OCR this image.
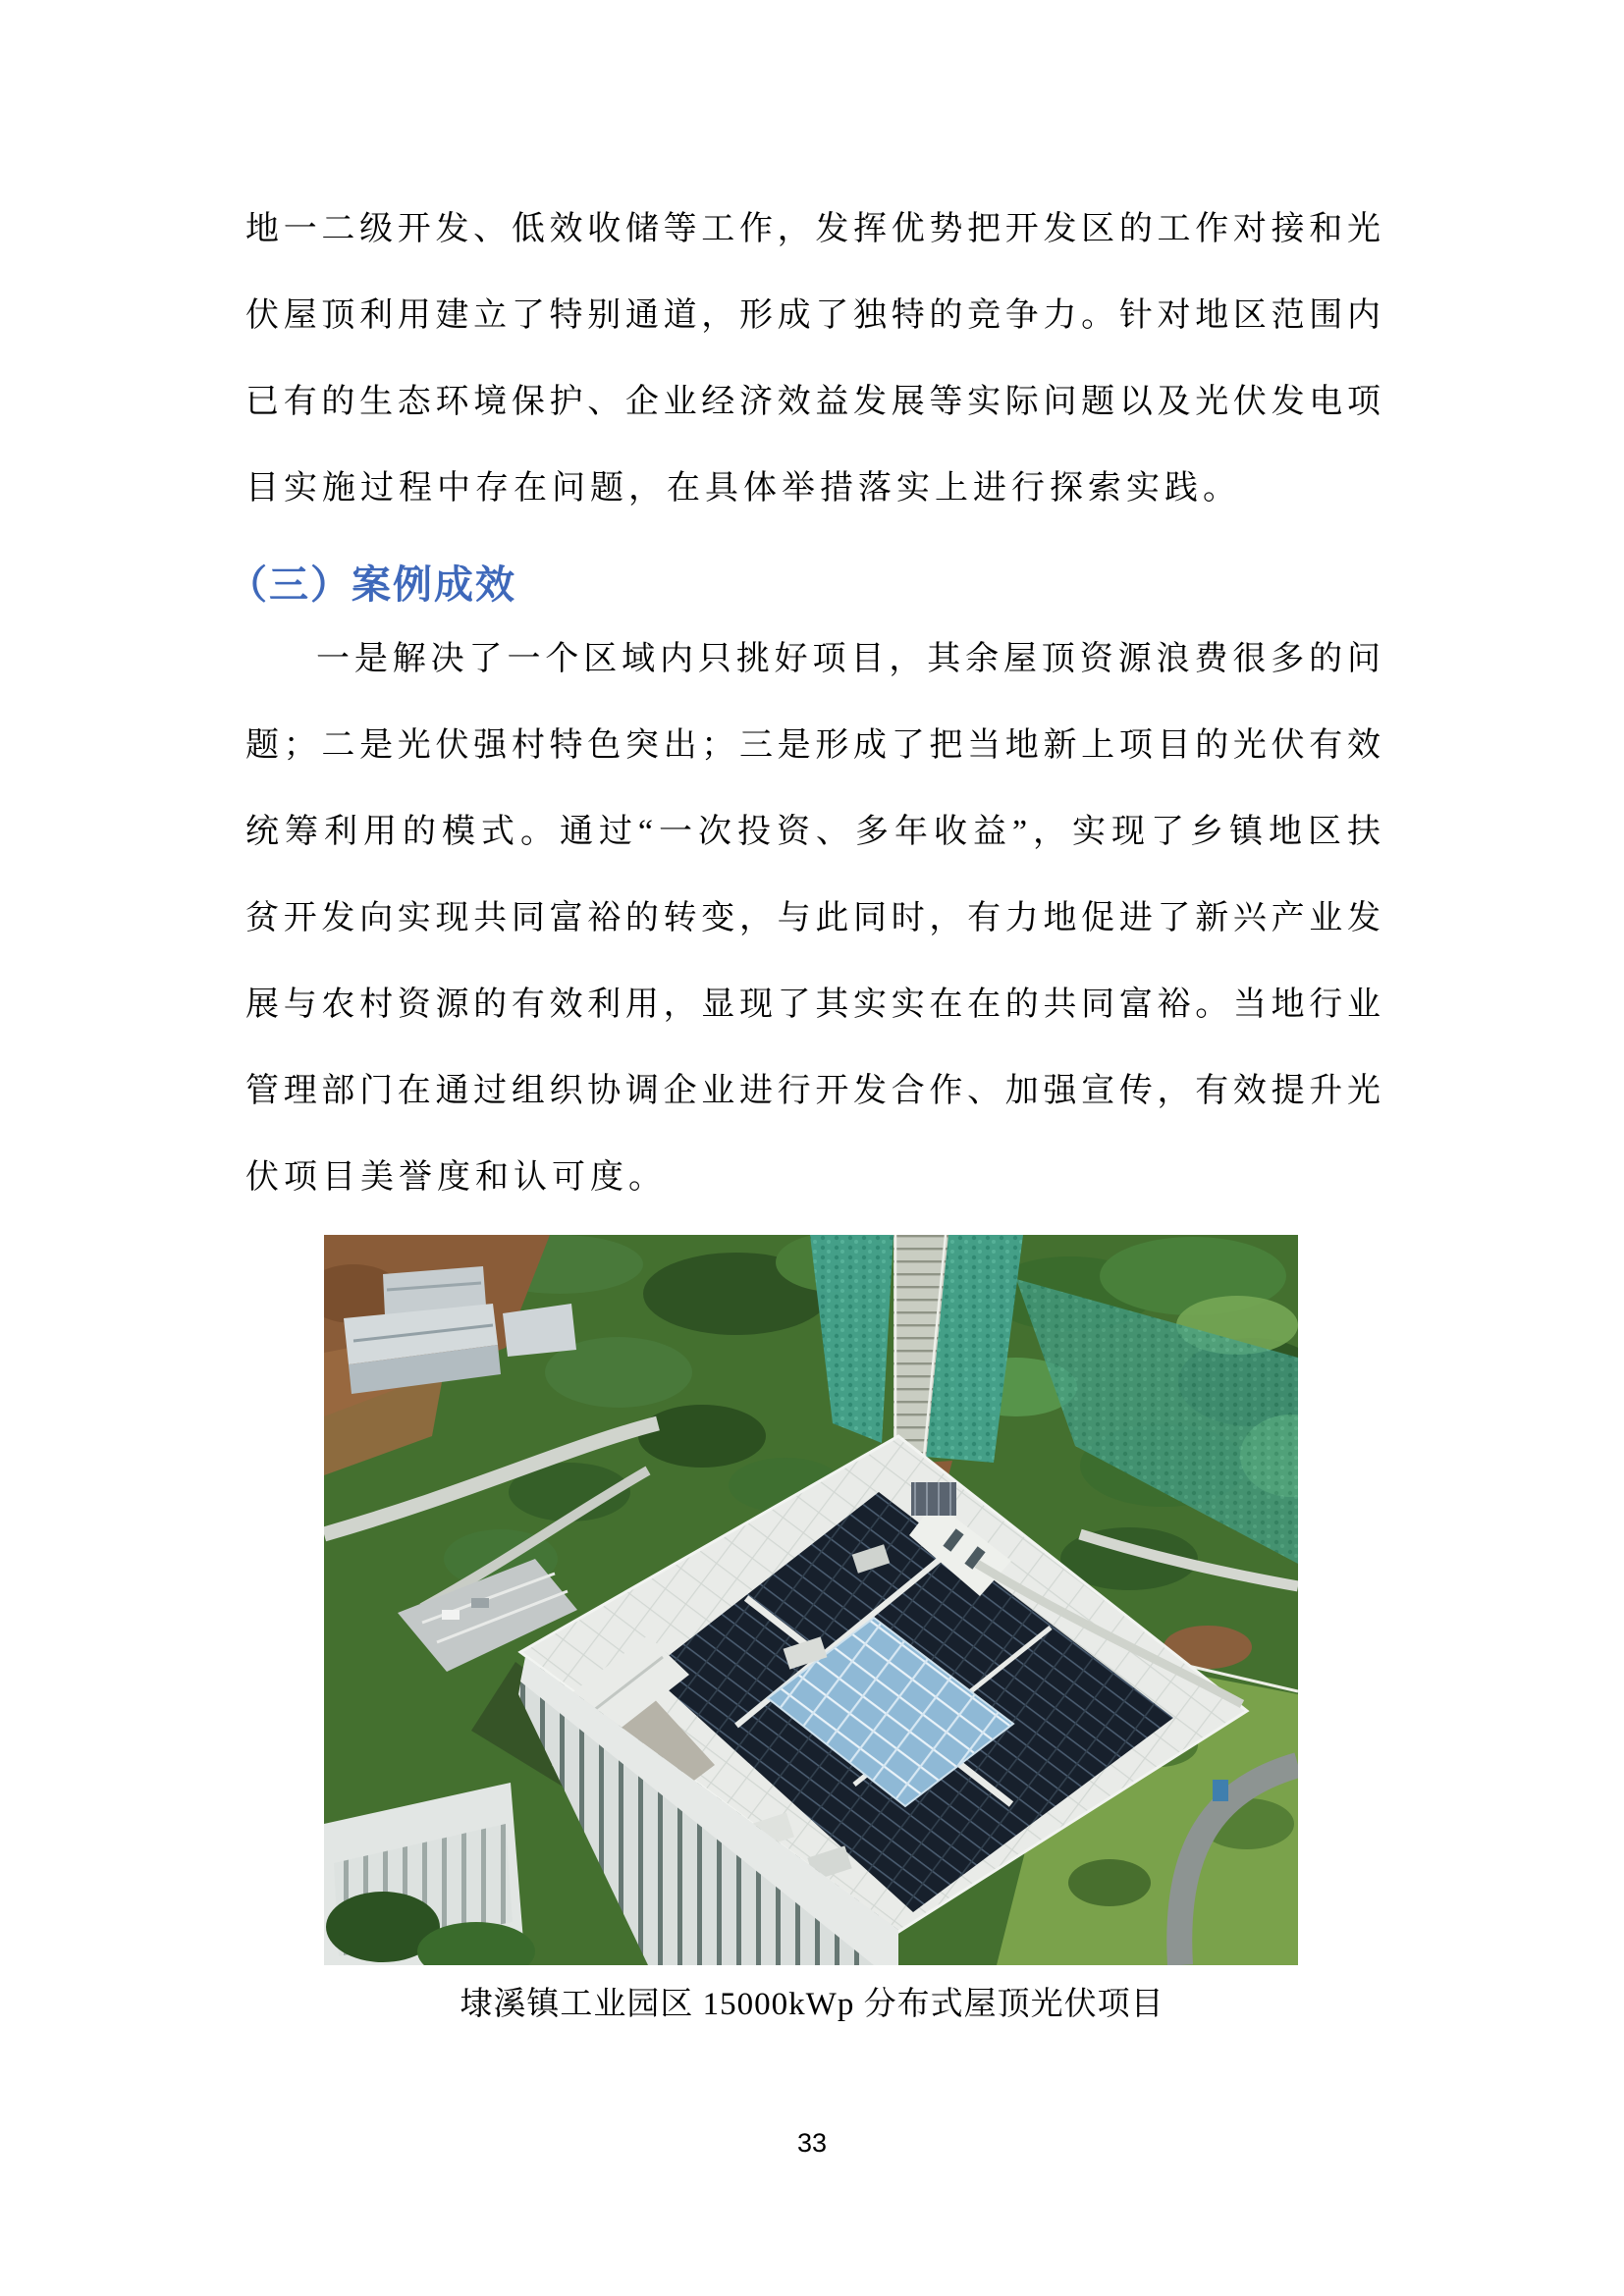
地一二级开发、低效收储等工作，发挥优势把开发区的工作对接和光
伏屋顶利用建立了特别通道，形成了独特的竞争力。针对地区范围内
已有的生态环境保护、企业经济效益发展等实际问题以及光伏发电项
目实施过程中存在问题，在具体举措落实上进行探索实践。
（三）案例成效
一是解决了一个区域内只挑好项目，其余屋顶资源浪费很多的问
题；二是光伏强村特色突出；三是形成了把当地新上项目的光伏有效
统筹利用的模式。通过“一次投资、多年收益”，实现了乡镇地区扶
贫开发向实现共同富裕的转变，与此同时，有力地促进了新兴产业发
展与农村资源的有效利用，显现了其实实在在的共同富裕。当地行业
管理部门在通过组织协调企业进行开发合作、加强宣传，有效提升光
伏项目美誉度和认可度。
埭溪镇工业园区 15000kWp 分布式屋顶光伏项目
33
